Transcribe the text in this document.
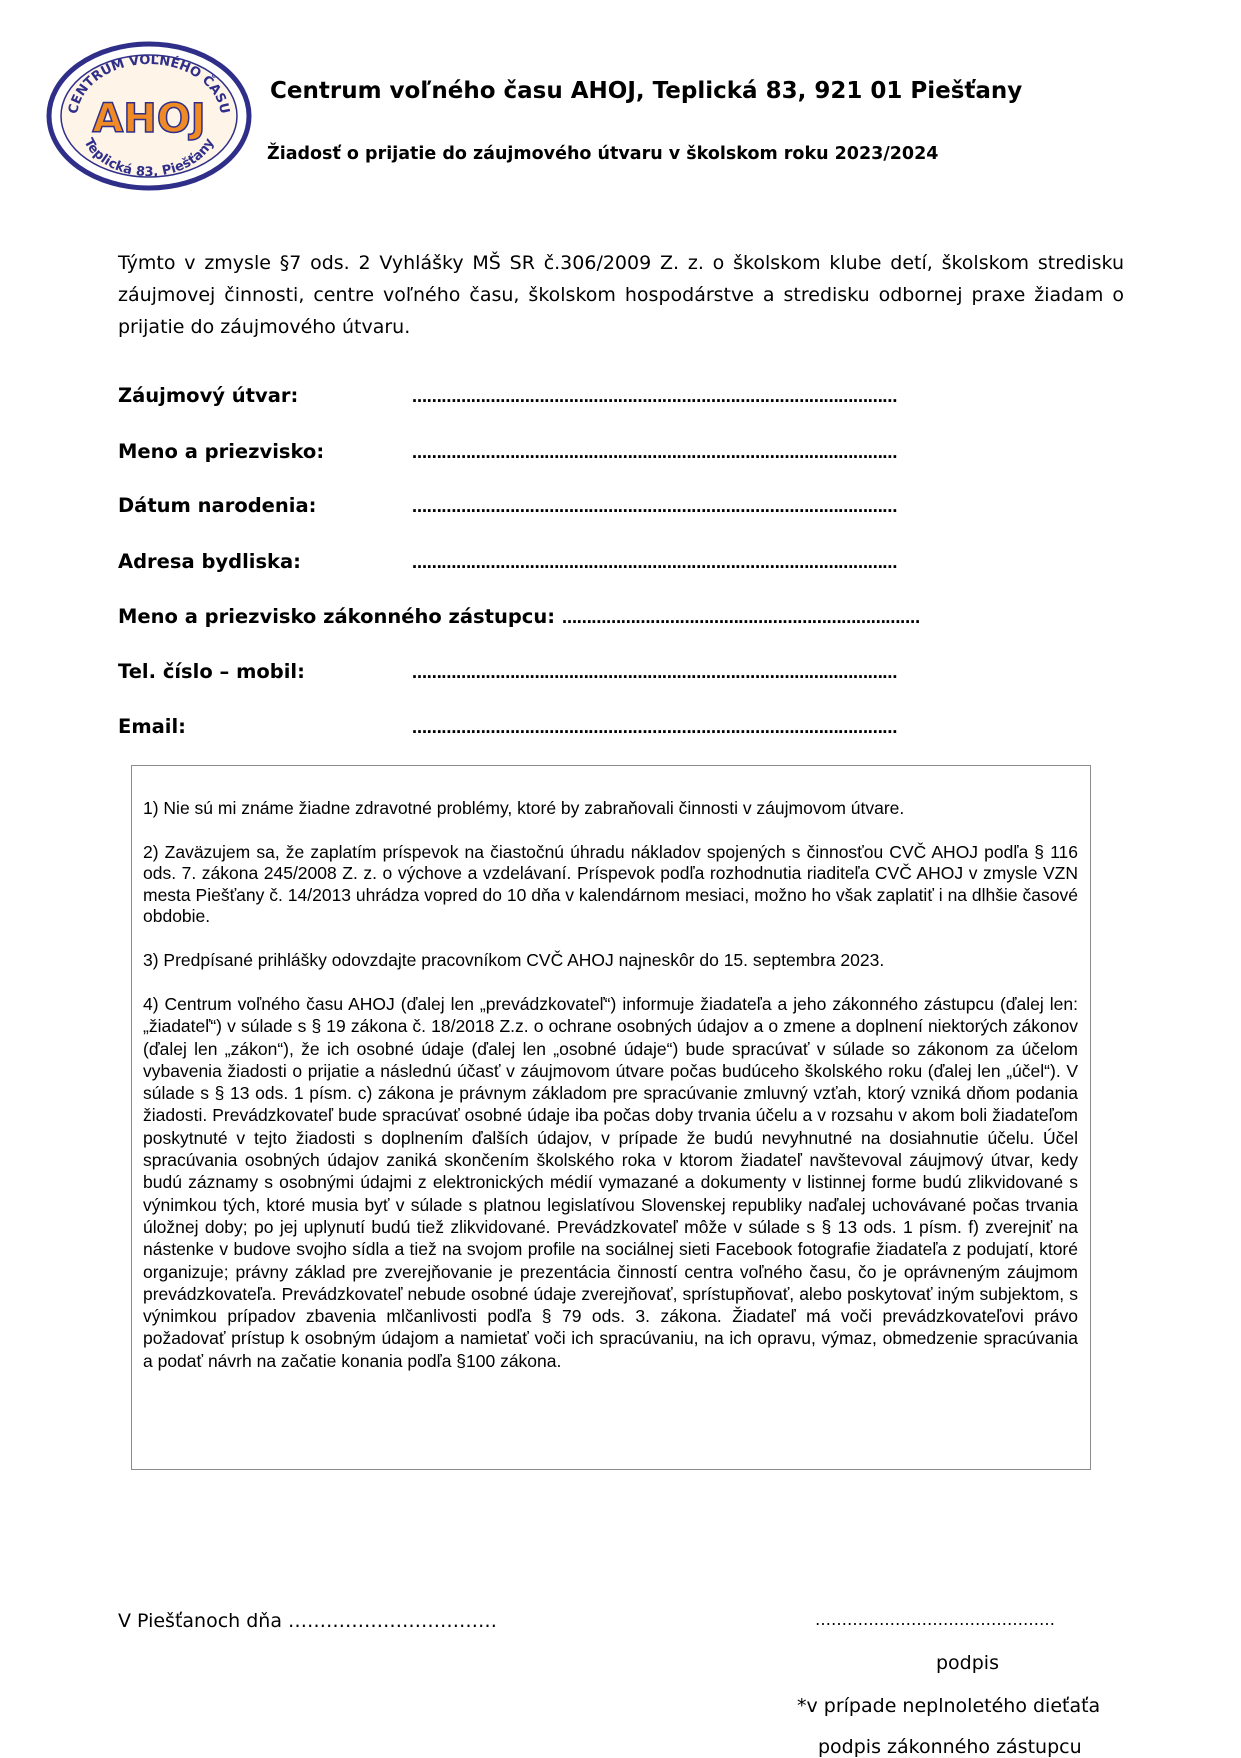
CENTRUM VOĽNÉHO ČASU
AHOJ
Teplická 83, Piešťany
Centrum voľného času AHOJ, Teplická 83, 921 01 Piešťany
Žiadosť o prijatie do záujmového útvaru v školskom roku 2023/2024
Týmto v zmysle §7 ods. 2 Vyhlášky MŠ SR č.306/2009 Z. z. o školskom klube detí, školskom stredisku záujmovej činnosti, centre voľného času, školskom hospodárstve a stredisku odbornej praxe žiadam o prijatie do záujmového útvaru.
Záujmový útvar:	………………………………………………………………………………………
Meno a priezvisko:	………………………………………………………………………………………
Dátum narodenia:	………………………………………………………………………………………
Adresa bydliska:	………………………………………………………………………………………
Meno a priezvisko zákonného zástupcu: ……………………………………………………………….
Tel. číslo – mobil:	………………………………………………………………………………………
Email:	………………………………………………………………………………………

1) Nie sú mi známe žiadne zdravotné problémy, ktoré by zabraňovali činnosti v záujmovom útvare.

2) Zaväzujem sa, že zaplatím príspevok na čiastočnú úhradu nákladov spojených s činnosťou CVČ AHOJ podľa § 116 ods. 7. zákona 245/2008 Z. z. o výchove a vzdelávaní. Príspevok podľa rozhodnutia riaditeľa CVČ AHOJ v zmysle VZN mesta Piešťany č. 14/2013 uhrádza vopred do 10 dňa v kalendárnom mesiaci, možno ho však zaplatiť i na dlhšie časové obdobie.

3) Predpísané prihlášky odovzdajte pracovníkom CVČ AHOJ najneskôr do 15. septembra 2023.

4) Centrum voľného času AHOJ (ďalej len „prevádzkovateľ“) informuje žiadateľa a jeho zákonného zástupcu (ďalej len: „žiadateľ“) v súlade s § 19 zákona č. 18/2018 Z.z. o ochrane osobných údajov a o zmene a doplnení niektorých zákonov (ďalej len „zákon“), že ich osobné údaje (ďalej len „osobné údaje“) bude spracúvať v súlade so zákonom za účelom vybavenia žiadosti o prijatie a následnú účasť v záujmovom útvare počas budúceho školského roku (ďalej len „účel“). V súlade s § 13 ods. 1 písm. c) zákona je právnym základom pre spracúvanie zmluvný vzťah, ktorý vzniká dňom podania žiadosti. Prevádzkovateľ bude spracúvať osobné údaje iba počas doby trvania účelu a v rozsahu v akom boli žiadateľom poskytnuté v tejto žiadosti s doplnením ďalších údajov, v prípade že budú nevyhnutné na dosiahnutie účelu. Účel spracúvania osobných údajov zaniká skončením školského roka v ktorom žiadateľ navštevoval záujmový útvar, kedy budú záznamy s osobnými údajmi z elektronických médií vymazané a dokumenty v listinnej forme budú zlikvidované s výnimkou tých, ktoré musia byť v súlade s platnou legislatívou Slovenskej republiky naďalej uchovávané počas trvania úložnej doby; po jej uplynutí budú tiež zlikvidované. Prevádzkovateľ môže v súlade s § 13 ods. 1 písm. f) zverejniť na nástenke v budove svojho sídla a tiež na svojom profile na sociálnej sieti Facebook fotografie žiadateľa z podujatí, ktoré organizuje; právny základ pre zverejňovanie je prezentácia činností centra voľného času, čo je oprávneným záujmom prevádzkovateľa. Prevádzkovateľ nebude osobné údaje zverejňovať, sprístupňovať, alebo poskytovať iným subjektom, s výnimkou prípadov zbavenia mlčanlivosti podľa § 79 ods. 3. zákona. Žiadateľ má voči prevádzkovateľovi právo požadovať prístup k osobným údajom a namietať voči ich spracúvaniu, na ich opravu, výmaz, obmedzenie spracúvania a podať návrh na začatie konania podľa §100 zákona.

V Piešťanoch dňa ……………………………	………………………………………
podpis
*v prípade neplnoletého dieťaťa
podpis zákonného zástupcu
